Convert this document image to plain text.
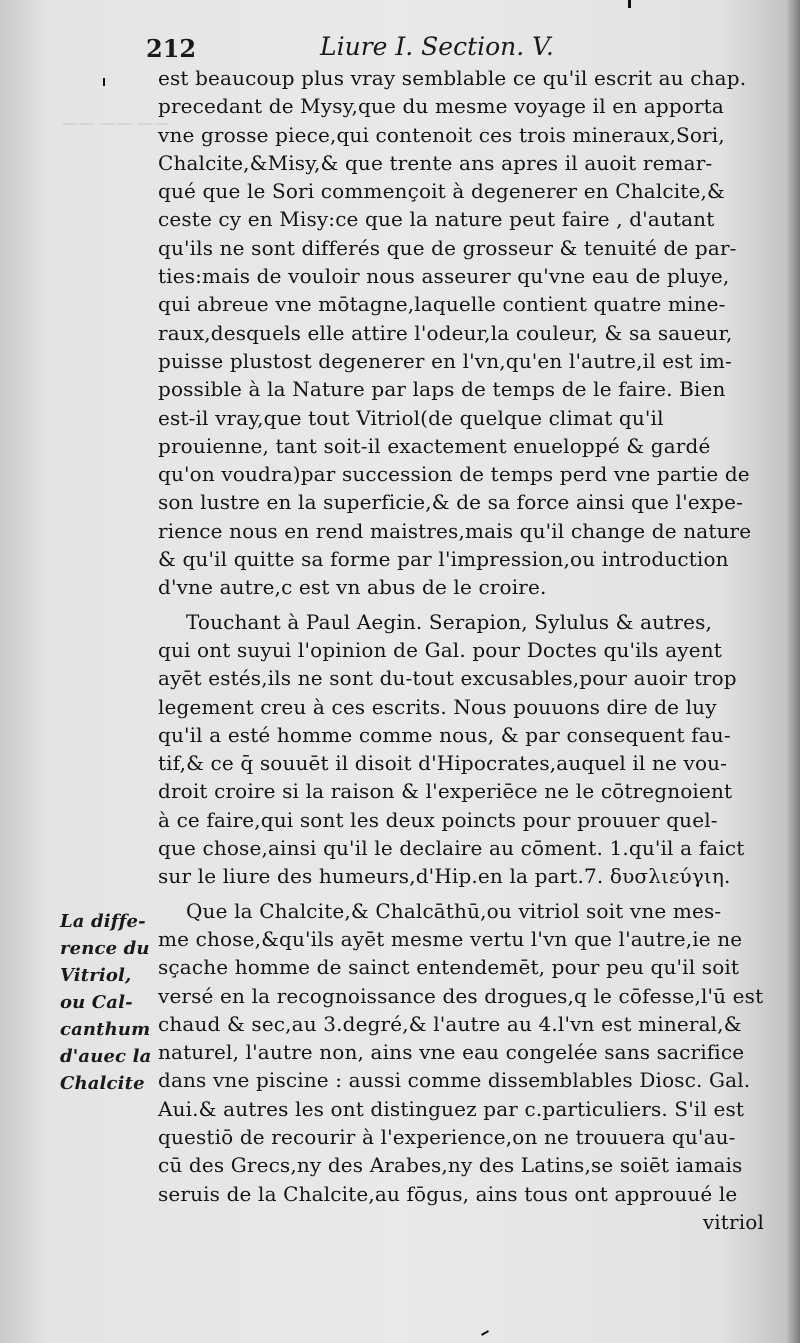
—— —— ——
212	Liure I. Section. V.
est beaucoup plus vray semblable ce qu'il escrit au chap.
precedant de Mysy,que du mesme voyage il en apporta
vne grosse piece,qui contenoit ces trois mineraux,Sori,
Chalcite,&Misy,& que trente ans apres il auoit remar-
qué que le Sori commençoit à degenerer en Chalcite,&
ceste cy en Misy:ce que la nature peut faire , d'autant
qu'ils ne sont differés que de grosseur & tenuité de par-
ties:mais de vouloir nous asseurer qu'vne eau de pluye,
qui abreue vne mōtagne,laquelle contient quatre mine-
raux,desquels elle attire l'odeur,la couleur, & sa saueur,
puisse plustost degenerer en l'vn,qu'en l'autre,il est im-
possible à la Nature par laps de temps de le faire. Bien
est-il vray,que tout Vitriol(de quelque climat qu'il
prouienne, tant soit-il exactement enueloppé & gardé
qu'on voudra)par succession de temps perd vne partie de
son lustre en la superficie,& de sa force ainsi que l'expe-
rience nous en rend maistres,mais qu'il change de nature
& qu'il quitte sa forme par l'impression,ou introduction
d'vne autre,c est vn abus de le croire.
Touchant à Paul Aegin. Serapion, Sylulus & autres,
qui ont suyui l'opinion de Gal. pour Doctes qu'ils ayent
ayēt estés,ils ne sont du-tout excusables,pour auoir trop
legement creu à ces escrits. Nous pouuons dire de luy
qu'il a esté homme comme nous, & par consequent fau-
tif,& ce q̄ souuēt il disoit d'Hipocrates,auquel il ne vou-
droit croire si la raison & l'experiēce ne le cōtregnoient
à ce faire,qui sont les deux poincts pour prouuer quel-
que chose,ainsi qu'il le declaire au cōment. 1.qu'il a faict
sur le liure des humeurs,d'Hip.en la part.7. δυσλιεύγιη.
Que la Chalcite,& Chalcāthū,ou vitriol soit vne mes-
me chose,&qu'ils ayēt mesme vertu l'vn que l'autre,ie ne
sçache homme de sainct entendemēt, pour peu qu'il soit
versé en la recognoissance des drogues,q le cōfesse,l'ū est
chaud & sec,au 3.degré,& l'autre au 4.l'vn est mineral,&
naturel, l'autre non, ains vne eau congelée sans sacrifice
dans vne piscine : aussi comme dissemblables Diosc. Gal.
Aui.& autres les ont distinguez par c.particuliers. S'il est
questiō de recourir à l'experience,on ne trouuera qu'au-
cū des Grecs,ny des Arabes,ny des Latins,se soiēt iamais
seruis de la Chalcite,au fōgus, ains tous ont approuué le
vitriol
La diffe-
rence du
Vitriol,
ou Cal-
canthum
d'auec la
Chalcite
